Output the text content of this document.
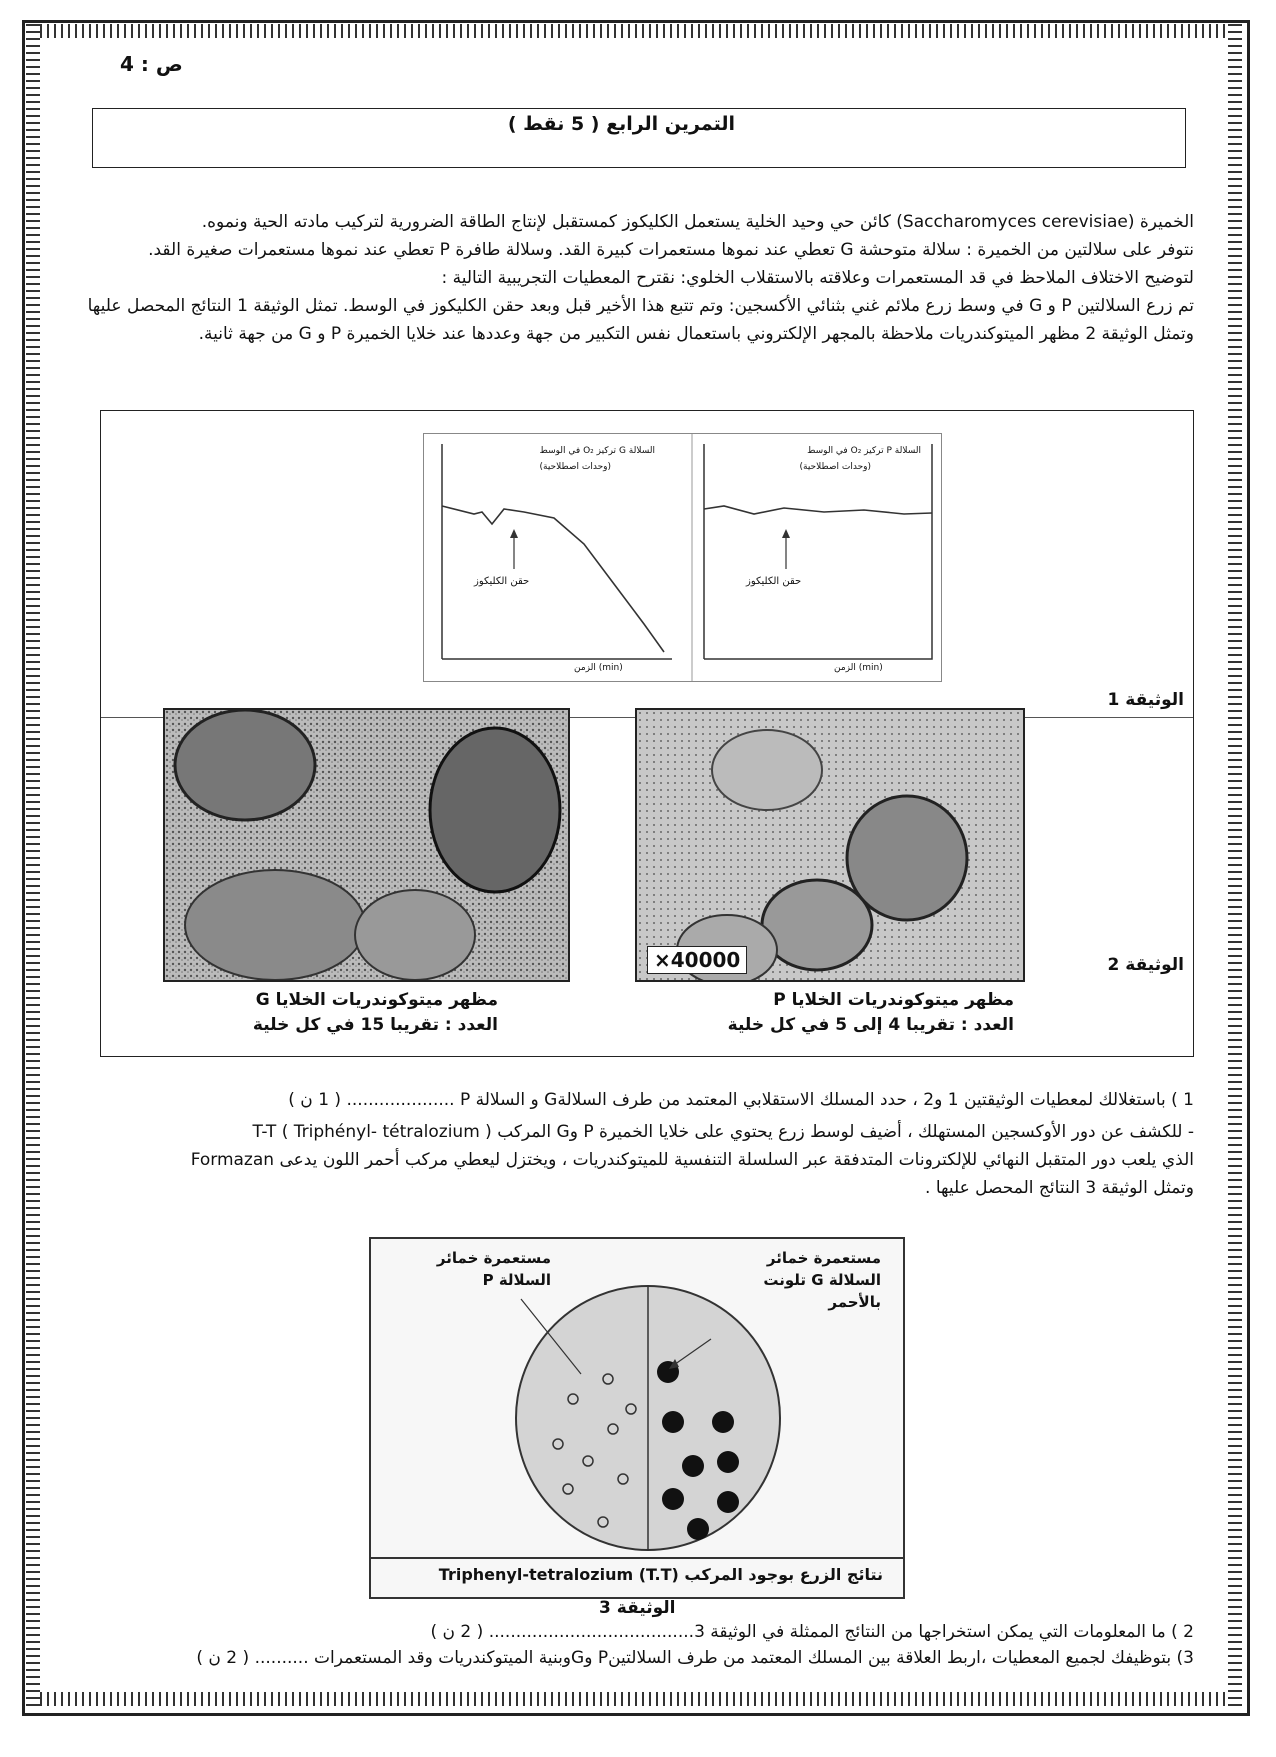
ص : 4
التمرين الرابع ( 5 نقط )
الخميرة (Saccharomyces cerevisiae) كائن حي وحيد الخلية يستعمل الكليكوز كمستقبل لإنتاج الطاقة الضرورية لتركيب مادته الحية ونموه.
نتوفر على سلالتين من الخميرة : سلالة متوحشة G تعطي عند نموها مستعمرات كبيرة القد. وسلالة طافرة P تعطي عند نموها مستعمرات صغيرة القد.
لتوضيح الاختلاف الملاحظ في قد المستعمرات وعلاقته بالاستقلاب الخلوي: نقترح المعطيات التجريبية التالية :
تم زرع السلالتين P و G في وسط زرع ملائم غني بثنائي الأكسجين: وتم تتبع هذا الأخير قبل وبعد حقن الكليكوز في الوسط. تمثل الوثيقة 1 النتائج المحصل عليها وتمثل الوثيقة 2 مظهر الميتوكندريات ملاحظة بالمجهر الإلكتروني باستعمال نفس التكبير من جهة وعددها عند خلايا الخميرة P و G من جهة ثانية.
السلالة G تركيز O₂ في الوسط
(وحدات اصطلاحية)
حقن الكليكوز
الزمن (min)
السلالة P تركيز O₂ في الوسط
(وحدات اصطلاحية)
حقن الكليكوز
الزمن (min)
الوثيقة 1
×40000	الوثيقة 2
مظهر ميتوكوندريات الخلايا G
العدد : تقريبا 15 في كل خلية
مظهر ميتوكوندريات الخلايا P
العدد : تقريبا 4 إلى 5 في كل خلية
1 ) باستغلالك لمعطيات الوثيقتين 1 و2 ، حدد المسلك الاستقلابي المعتمد من طرف السلالةG و السلالة P .................... ( 1 ن )
- للكشف عن دور الأوكسجين المستهلك ، أضيف لوسط زرع يحتوي على خلايا الخميرة P وG المركب T-T ( Triphényl- tétralozium )
الذي يلعب دور المتقبل النهائي للإلكترونات المتدفقة عبر السلسلة التنفسية للميتوكندريات ، ويختزل ليعطي مركب أحمر اللون يدعى Formazan
وتمثل الوثيقة 3 النتائج المحصل عليها .
مستعمرة خمائر السلالة P
مستعمرة خمائر السلالة G تلونت بالأحمر
نتائج الزرع بوجود المركب Triphenyl-tetralozium (T.T)
الوثيقة 3
2 ) ما المعلومات التي يمكن استخراجها من النتائج الممثلة في الوثيقة 3...................................... ( 2 ن )
3) بتوظيفك لجميع المعطيات ،اربط العلاقة بين المسلك المعتمد من طرف السلالتينP وGوبنية الميتوكندريات وقد المستعمرات .......... ( 2 ن )
